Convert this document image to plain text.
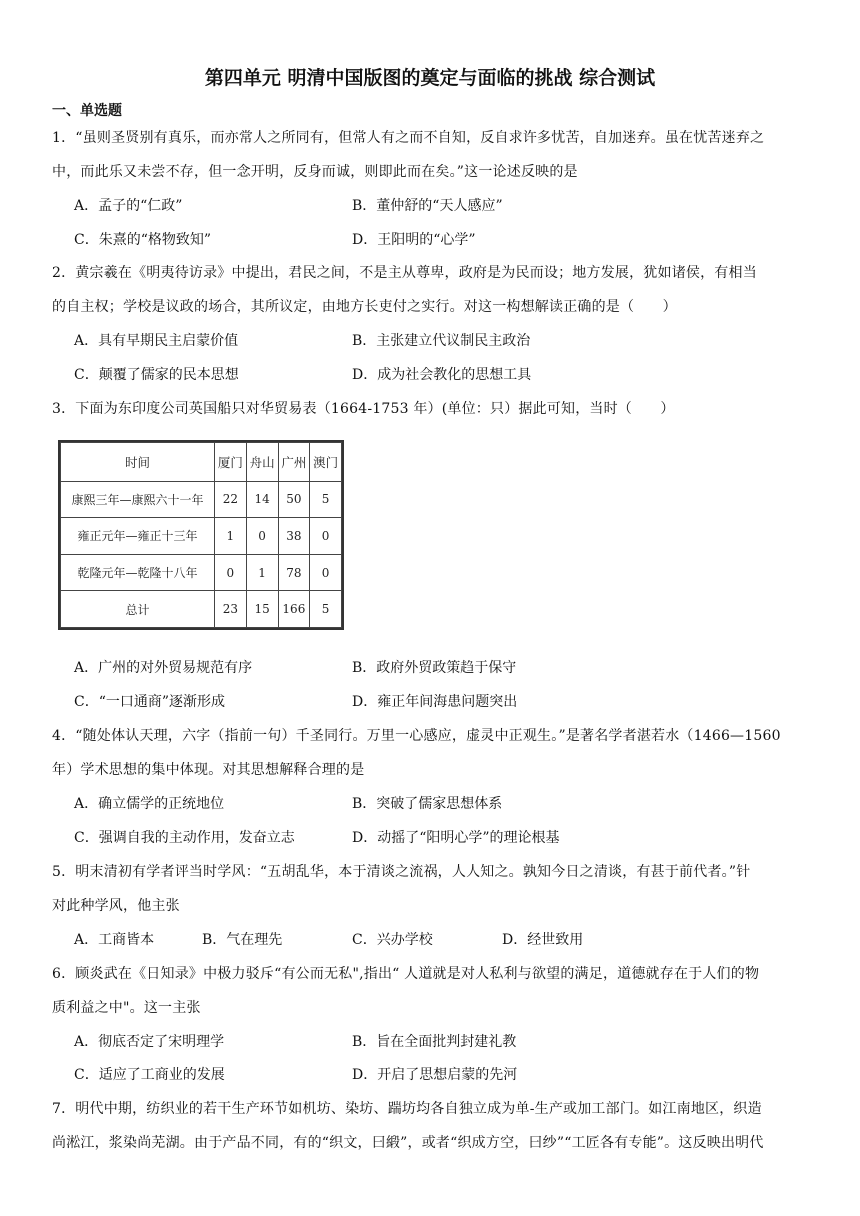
第四单元 明清中国版图的奠定与面临的挑战 综合测试
一、单选题
1．“虽则圣贤别有真乐，而亦常人之所同有，但常人有之而不自知，反自求许多忧苦，自加迷弃。虽在忧苦迷弃之
中，而此乐又未尝不存，但一念开明，反身而诚，则即此而在矣。”这一论述反映的是
A．孟子的“仁政”	B．董仲舒的“天人感应”
C．朱熹的“格物致知”	D．王阳明的“心学”
2．黄宗羲在《明夷待访录》中提出，君民之间，不是主从尊卑，政府是为民而设；地方发展，犹如诸侯，有相当
的自主权；学校是议政的场合，其所议定，由地方长吏付之实行。对这一构想解读正确的是（　　）
A．具有早期民主启蒙价值	B．主张建立代议制民主政治
C．颠覆了儒家的民本思想	D．成为社会教化的思想工具
3．下面为东印度公司英国船只对华贸易表（1664-1753 年）(单位：只）据此可知，当时（　　）
时间	厦门	舟山	广州	澳门
康熙三年—康熙六十一年	22	14	50	5
雍正元年—雍正十三年	1	0	38	0
乾隆元年—乾隆十八年	0	1	78	0
总计	23	15	166	5
A．广州的对外贸易规范有序	B．政府外贸政策趋于保守
C．“一口通商”逐渐形成	D．雍正年间海患问题突出
4．“随处体认天理，六字（指前一句）千圣同行。万里一心感应，虚灵中正观生。”是著名学者湛若水（1466—1560
年）学术思想的集中体现。对其思想解释合理的是
A．确立儒学的正统地位	B．突破了儒家思想体系
C．强调自我的主动作用，发奋立志	D．动摇了“阳明心学”的理论根基
5．明末清初有学者评当时学风：“五胡乱华，本于清谈之流祸，人人知之。孰知今日之清谈，有甚于前代者。”针
对此种学风，他主张
A．工商皆本	B．气在理先	C．兴办学校	D．经世致用
6．顾炎武在《日知录》中极力驳斥“有公而无私",指出“ 人道就是对人私利与欲望的满足，道德就存在于人们的物
质利益之中"。这一主张
A．彻底否定了宋明理学	B．旨在全面批判封建礼教
C．适应了工商业的发展	D．开启了思想启蒙的先河
7．明代中期，纺织业的若干生产环节如机坊、染坊、踹坊均各自独立成为单-生产或加工部门。如江南地区，织造
尚淞江，浆染尚芜湖。由于产品不同，有的“织文，曰緞”，或者“织成方空，曰纱”“工匠各有专能”。这反映出明代
